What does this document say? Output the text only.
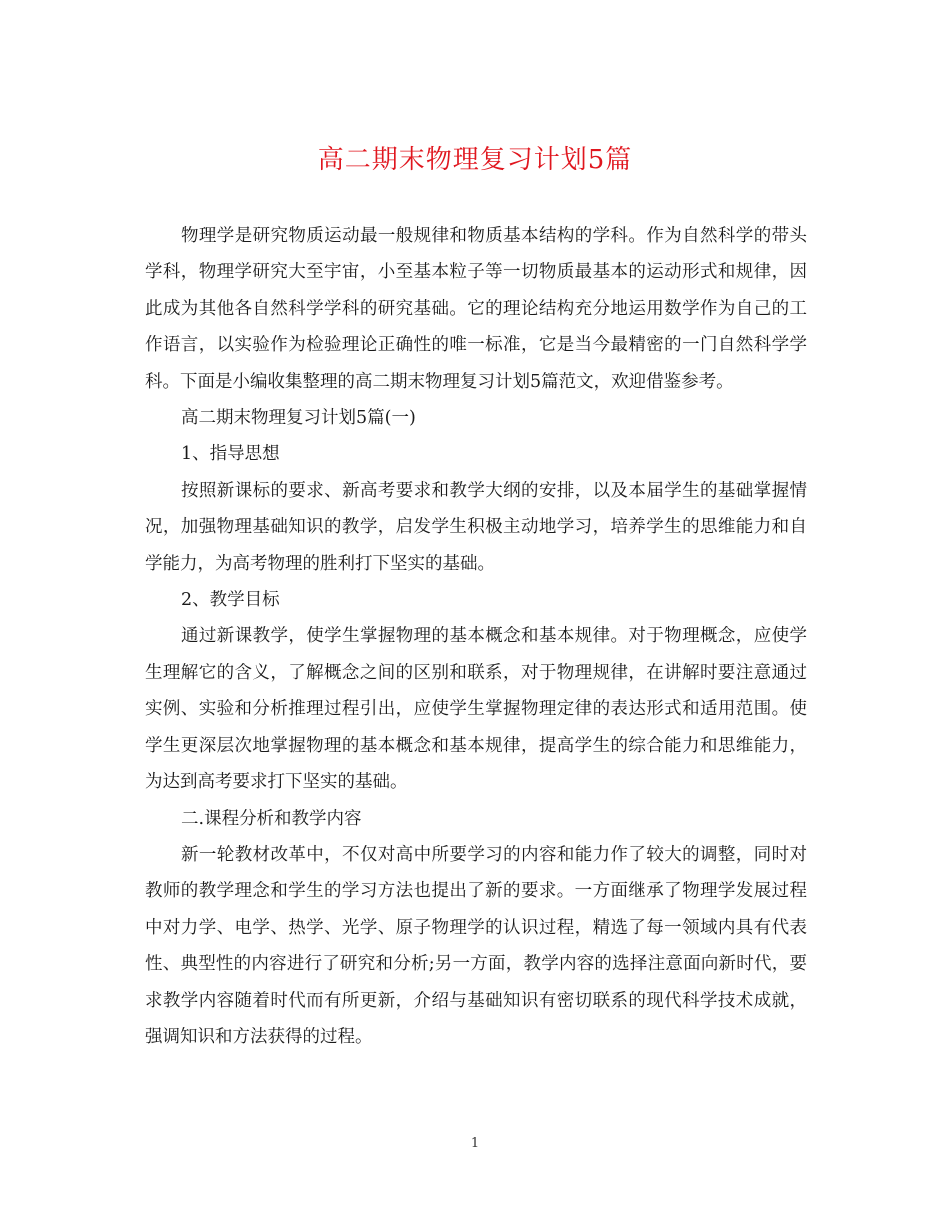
高二期末物理复习计划5篇

物理学是研究物质运动最一般规律和物质基本结构的学科。作为自然科学的带头学科，物理学研究大至宇宙，小至基本粒子等一切物质最基本的运动形式和规律，因此成为其他各自然科学学科的研究基础。它的理论结构充分地运用数学作为自己的工作语言，以实验作为检验理论正确性的唯一标准，它是当今最精密的一门自然科学学科。下面是小编收集整理的高二期末物理复习计划5篇范文，欢迎借鉴参考。

高二期末物理复习计划5篇(一)

1、指导思想

按照新课标的要求、新高考要求和教学大纲的安排，以及本届学生的基础掌握情况，加强物理基础知识的教学，启发学生积极主动地学习，培养学生的思维能力和自学能力，为高考物理的胜利打下坚实的基础。

2、教学目标

通过新课教学，使学生掌握物理的基本概念和基本规律。对于物理概念，应使学生理解它的含义，了解概念之间的区别和联系，对于物理规律，在讲解时要注意通过实例、实验和分析推理过程引出，应使学生掌握物理定律的表达形式和适用范围。使学生更深层次地掌握物理的基本概念和基本规律，提高学生的综合能力和思维能力，为达到高考要求打下坚实的基础。

二.课程分析和教学内容

新一轮教材改革中，不仅对高中所要学习的内容和能力作了较大的调整，同时对教师的教学理念和学生的学习方法也提出了新的要求。一方面继承了物理学发展过程中对力学、电学、热学、光学、原子物理学的认识过程，精选了每一领域内具有代表性、典型性的内容进行了研究和分析;另一方面，教学内容的选择注意面向新时代，要求教学内容随着时代而有所更新，介绍与基础知识有密切联系的现代科学技术成就，强调知识和方法获得的过程。

1
